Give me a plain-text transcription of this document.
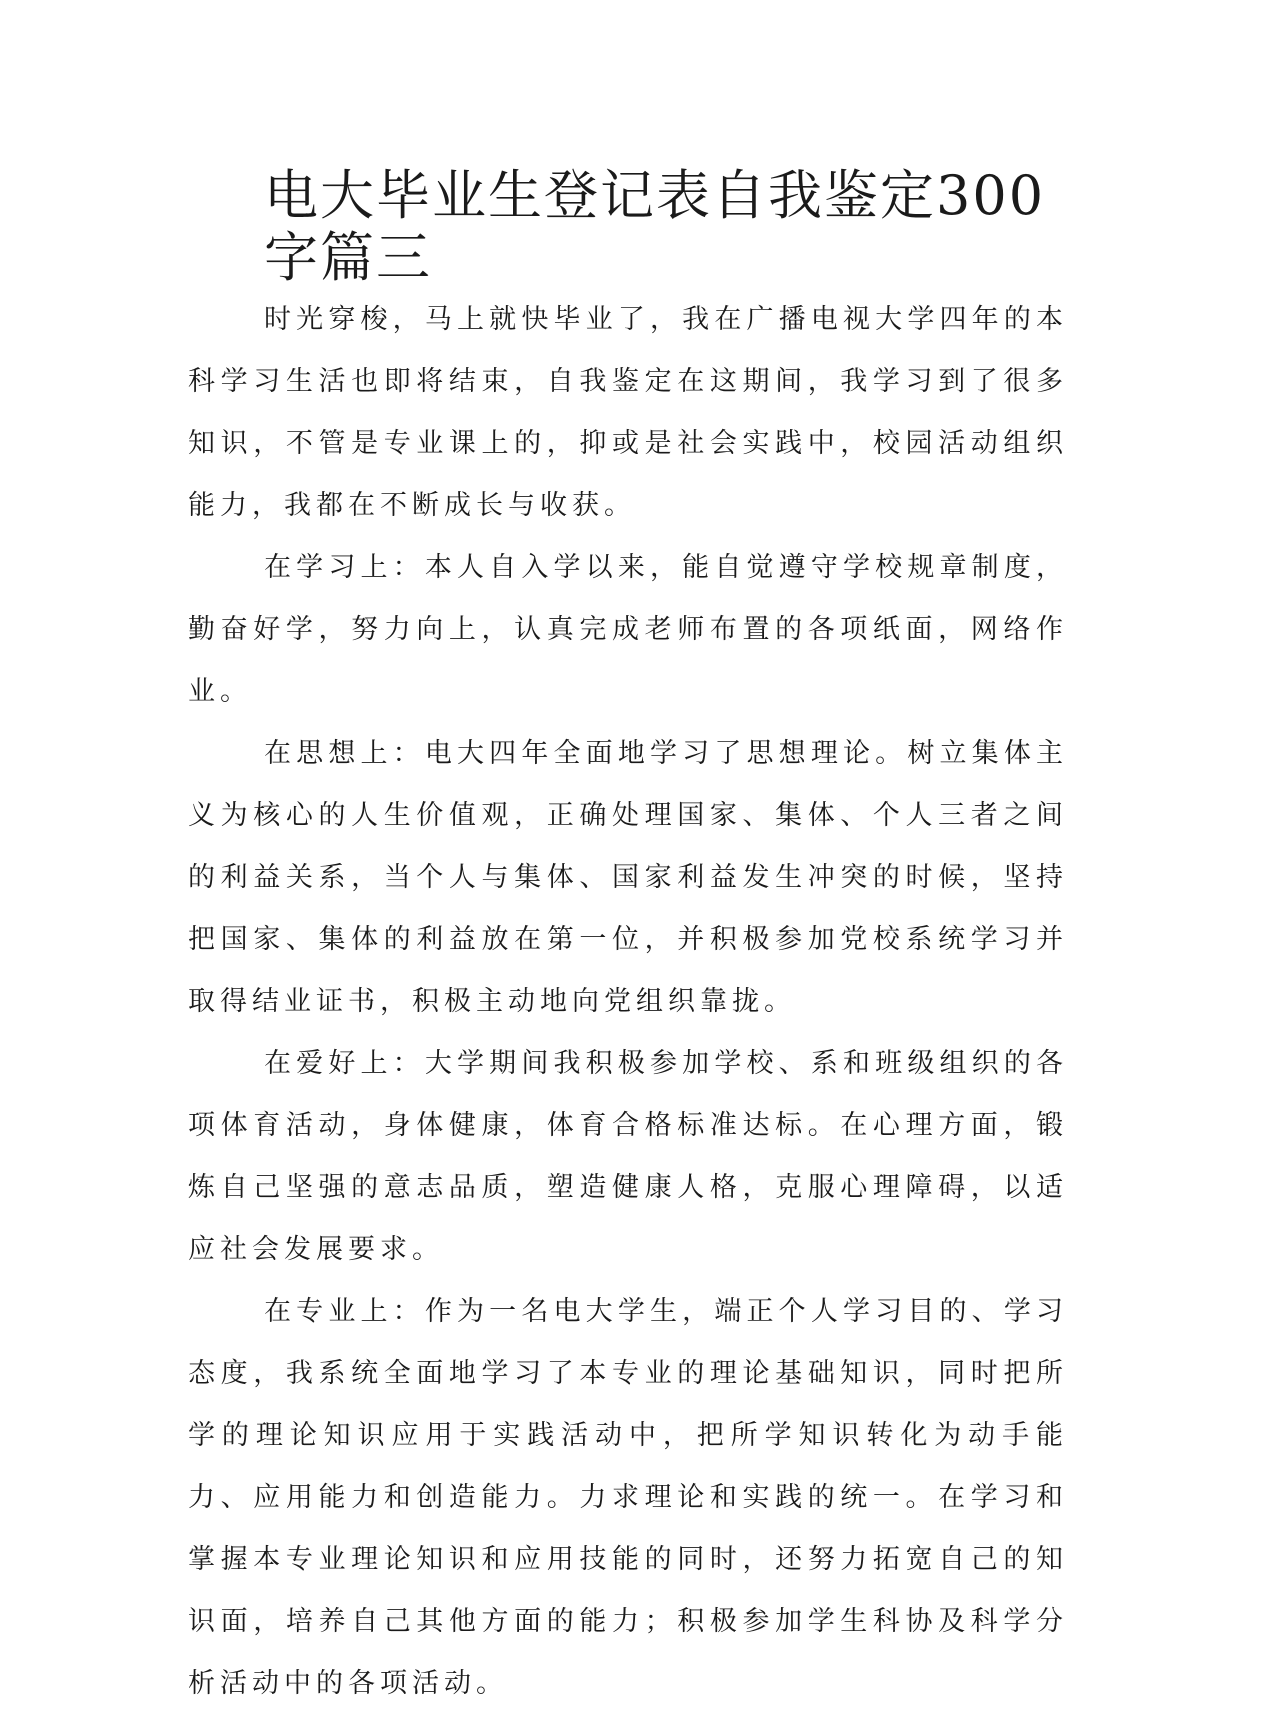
电大毕业生登记表自我鉴定300字篇三

时光穿梭，马上就快毕业了，我在广播电视大学四年的本科学习生活也即将结束，自我鉴定在这期间，我学习到了很多知识，不管是专业课上的，抑或是社会实践中，校园活动组织能力，我都在不断成长与收获。

在学习上：本人自入学以来，能自觉遵守学校规章制度，勤奋好学，努力向上，认真完成老师布置的各项纸面，网络作业。

在思想上：电大四年全面地学习了思想理论。树立集体主义为核心的人生价值观，正确处理国家、集体、个人三者之间的利益关系，当个人与集体、国家利益发生冲突的时候，坚持把国家、集体的利益放在第一位，并积极参加党校系统学习并取得结业证书，积极主动地向党组织靠拢。

在爱好上：大学期间我积极参加学校、系和班级组织的各项体育活动，身体健康，体育合格标准达标。在心理方面，锻炼自己坚强的意志品质，塑造健康人格，克服心理障碍，以适应社会发展要求。

在专业上：作为一名电大学生，端正个人学习目的、学习态度，我系统全面地学习了本专业的理论基础知识，同时把所学的理论知识应用于实践活动中，把所学知识转化为动手能力、应用能力和创造能力。力求理论和实践的统一。在学习和掌握本专业理论知识和应用技能的同时，还努力拓宽自己的知识面，培养自己其他方面的能力；积极参加学生科协及科学分析活动中的各项活动。
